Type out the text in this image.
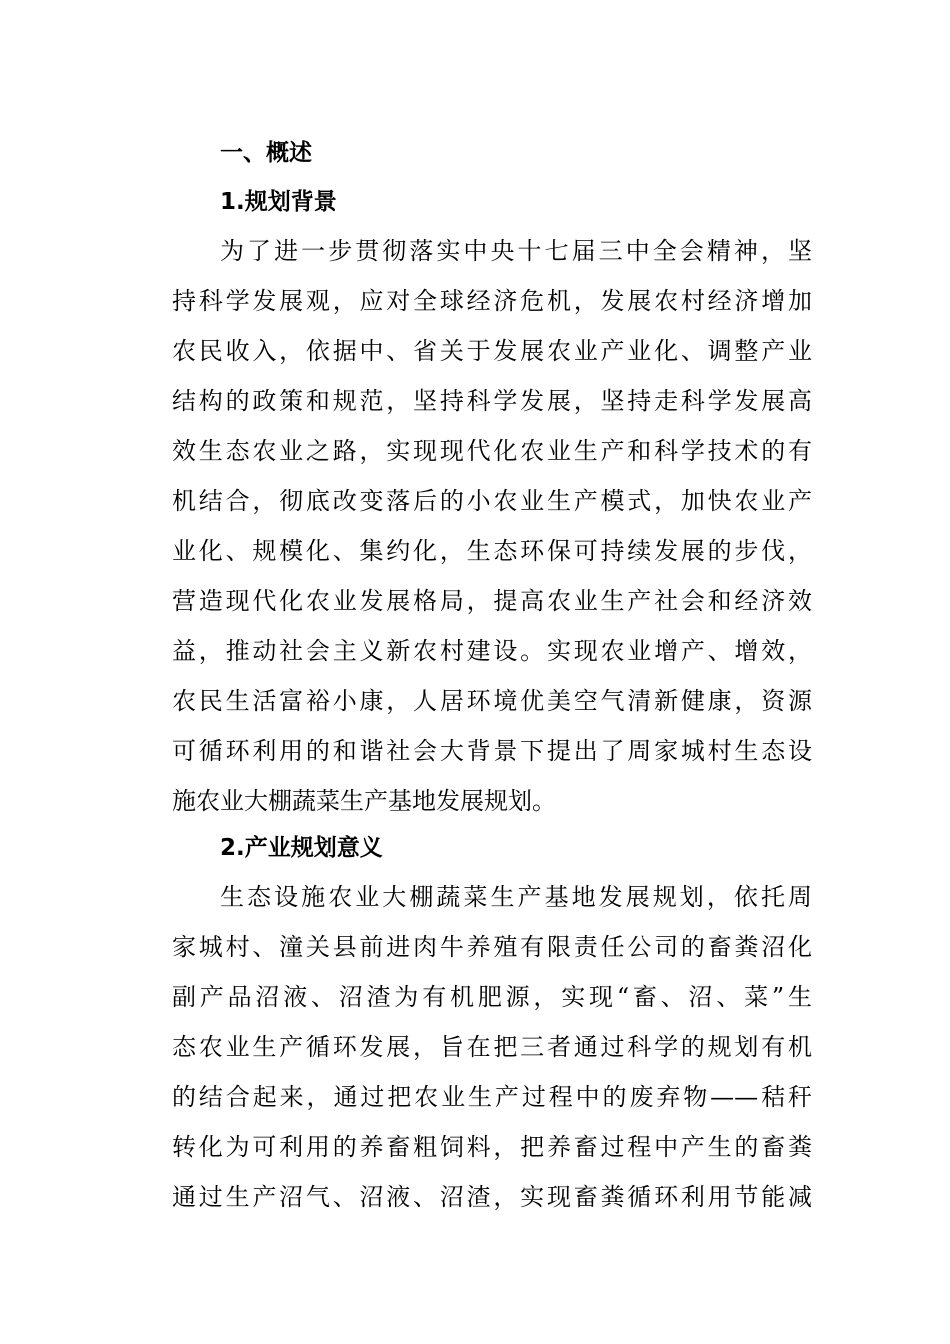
一、概述
1.规划背景
为了进一步贯彻落实中央十七届三中全会精神，坚
持科学发展观，应对全球经济危机，发展农村经济增加
农民收入，依据中、省关于发展农业产业化、调整产业
结构的政策和规范，坚持科学发展，坚持走科学发展高
效生态农业之路，实现现代化农业生产和科学技术的有
机结合，彻底改变落后的小农业生产模式，加快农业产
业化、规模化、集约化，生态环保可持续发展的步伐，
营造现代化农业发展格局，提高农业生产社会和经济效
益，推动社会主义新农村建设。实现农业增产、增效，
农民生活富裕小康，人居环境优美空气清新健康，资源
可循环利用的和谐社会大背景下提出了周家城村生态设
施农业大棚蔬菜生产基地发展规划。
2.产业规划意义
生态设施农业大棚蔬菜生产基地发展规划，依托周
家城村、潼关县前进肉牛养殖有限责任公司的畜粪沼化
副产品沼液、沼渣为有机肥源，实现“畜、沼、菜”生
态农业生产循环发展，旨在把三者通过科学的规划有机
的结合起来，通过把农业生产过程中的废弃物——秸秆
转化为可利用的养畜粗饲料，把养畜过程中产生的畜粪
通过生产沼气、沼液、沼渣，实现畜粪循环利用节能减
